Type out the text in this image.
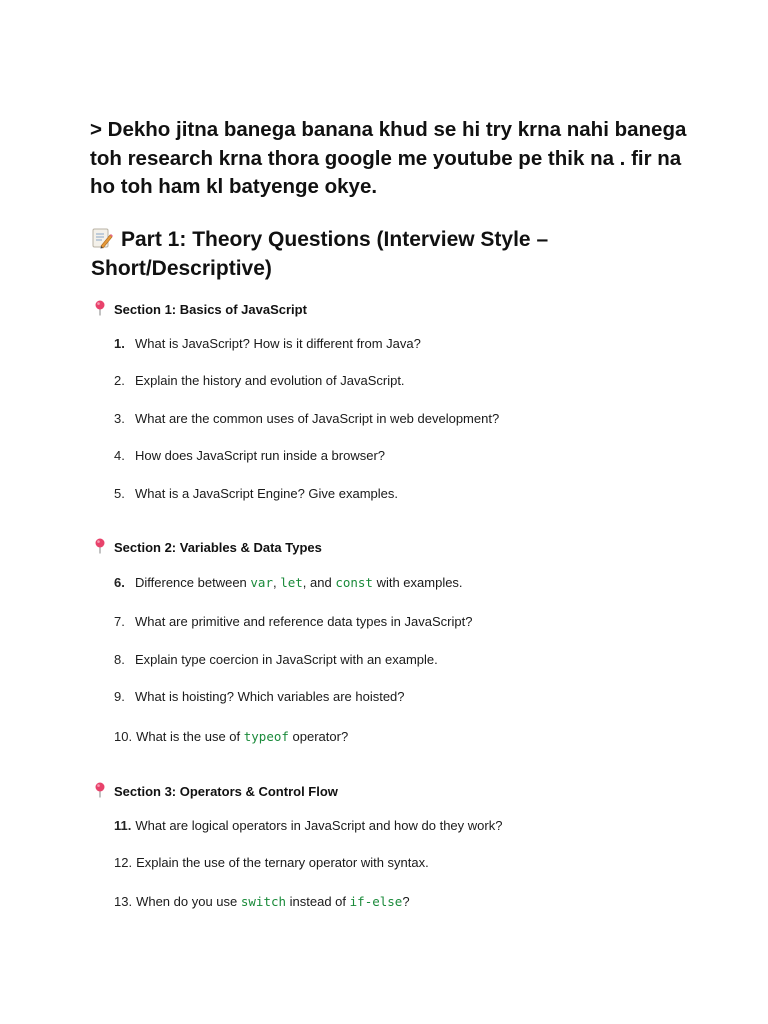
> Dekho jitna banega banana khud se hi try krna nahi banega toh research krna thora google me youtube pe thik na . fir na ho toh ham kl batyenge okye.
Part 1: Theory Questions (Interview Style – Short/Descriptive)
Section 1: Basics of JavaScript
1. What is JavaScript? How is it different from Java?
2. Explain the history and evolution of JavaScript.
3. What are the common uses of JavaScript in web development?
4. How does JavaScript run inside a browser?
5. What is a JavaScript Engine? Give examples.
Section 2: Variables & Data Types
6. Difference between var, let, and const with examples.
7. What are primitive and reference data types in JavaScript?
8. Explain type coercion in JavaScript with an example.
9. What is hoisting? Which variables are hoisted?
10. What is the use of typeof operator?
Section 3: Operators & Control Flow
11. What are logical operators in JavaScript and how do they work?
12. Explain the use of the ternary operator with syntax.
13. When do you use switch instead of if-else?
